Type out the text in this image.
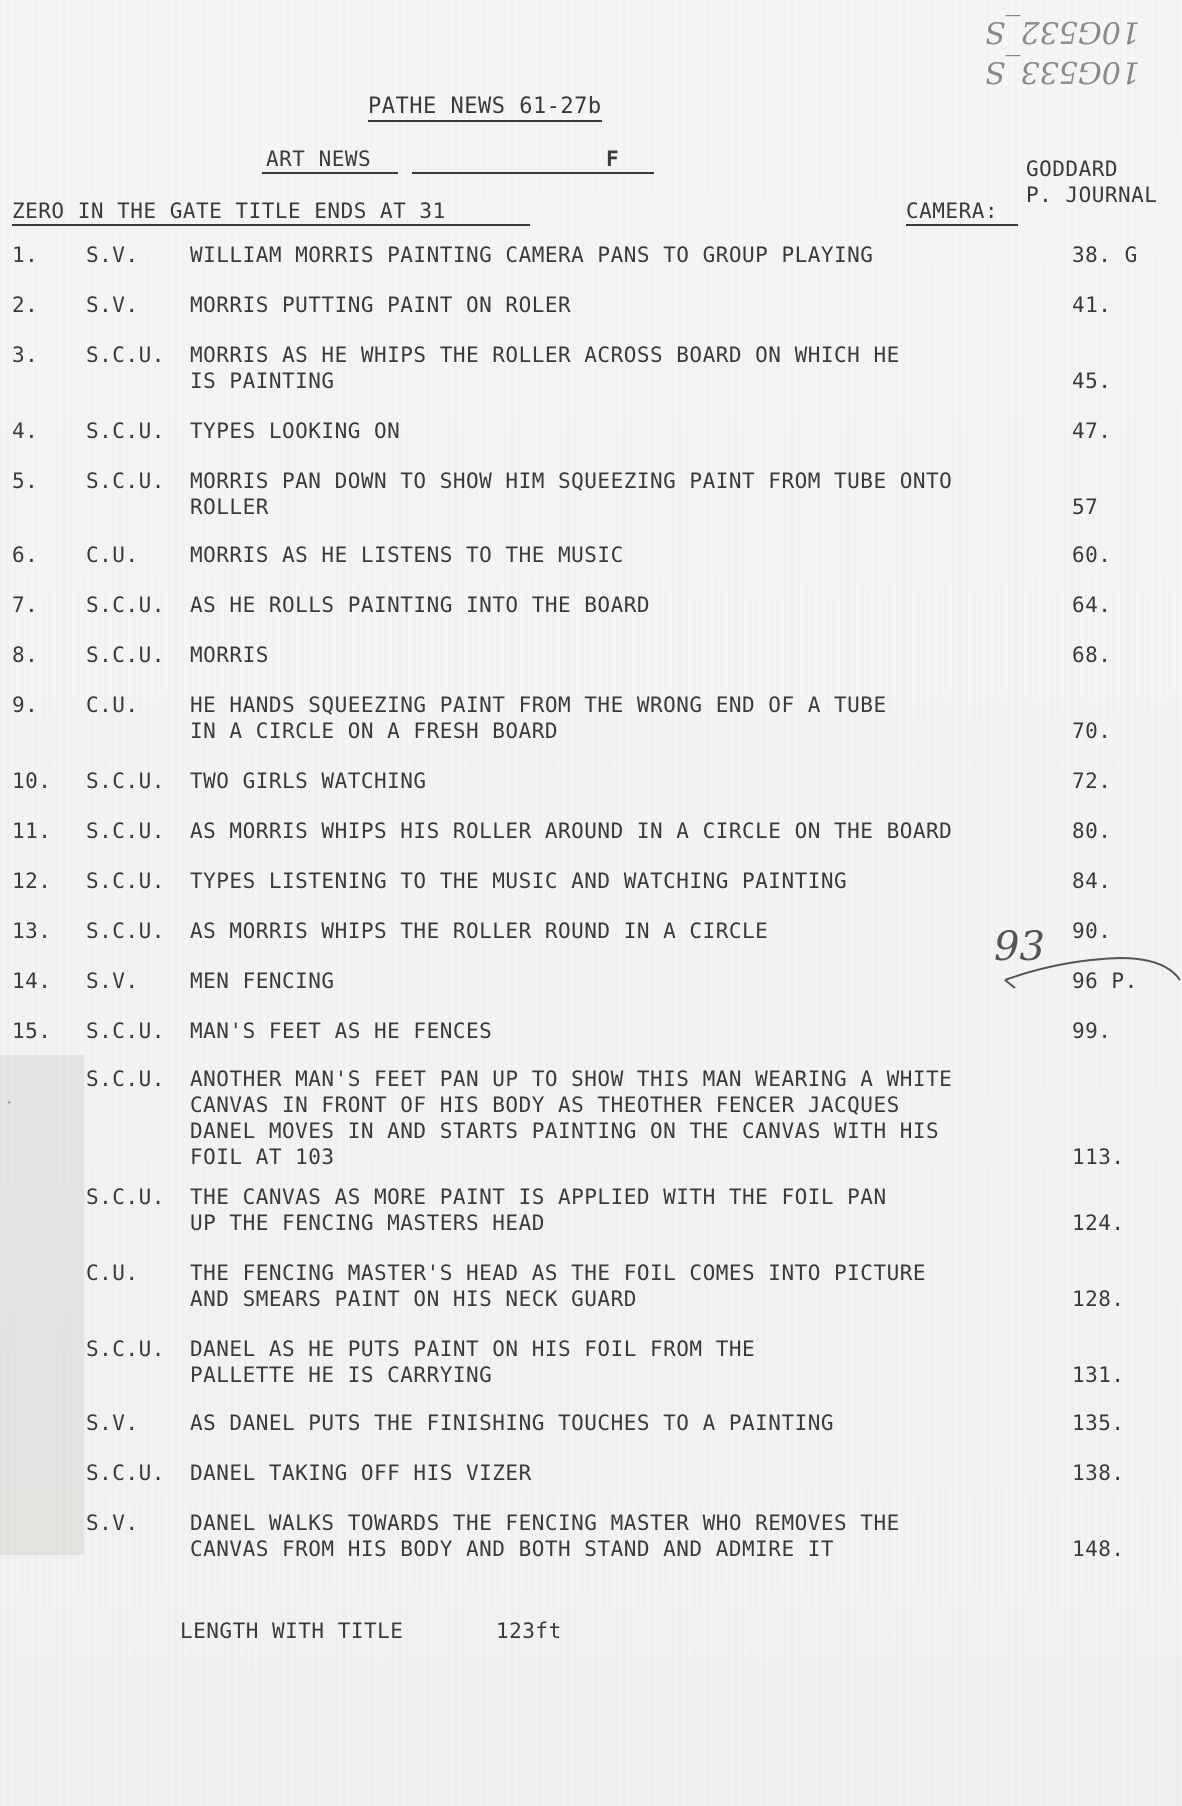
10G532_S
10G533_S
PATHE NEWS 61-27b
ART NEWS	F	GODDARD
P. JOURNAL
ZERO IN THE GATE TITLE ENDS AT 31	CAMERA:
·
1. S.V. WILLIAM MORRIS PAINTING CAMERA PANS TO GROUP PLAYING	38. G
2. S.V. MORRIS PUTTING PAINT ON ROLER	41.
3. S.C.U. MORRIS AS HE WHIPS THE ROLLER ACROSS BOARD ON WHICH HE
IS PAINTING	45.
4. S.C.U. TYPES LOOKING ON	47.
5. S.C.U. MORRIS PAN DOWN TO SHOW HIM SQUEEZING PAINT FROM TUBE ONTO
ROLLER	57
6. C.U. MORRIS AS HE LISTENS TO THE MUSIC	60.
7. S.C.U. AS HE ROLLS PAINTING INTO THE BOARD	64.
8. S.C.U. MORRIS	68.
9. C.U. HE HANDS SQUEEZING PAINT FROM THE WRONG END OF A TUBE
IN A CIRCLE ON A FRESH BOARD	70.
10. S.C.U. TWO GIRLS WATCHING	72.
11. S.C.U. AS MORRIS WHIPS HIS ROLLER AROUND IN A CIRCLE ON THE BOARD	80.
12. S.C.U. TYPES LISTENING TO THE MUSIC AND WATCHING PAINTING	84.
13. S.C.U. AS MORRIS WHIPS THE ROLLER ROUND IN A CIRCLE	90.
14. S.V. MEN FENCING	96 P.
15. S.C.U. MAN'S FEET AS HE FENCES	99.
S.C.U. ANOTHER MAN'S FEET PAN UP TO SHOW THIS MAN WEARING A WHITE
CANVAS IN FRONT OF HIS BODY AS THEOTHER FENCER JACQUES
DANEL MOVES IN AND STARTS PAINTING ON THE CANVAS WITH HIS
FOIL AT 103	113.
S.C.U. THE CANVAS AS MORE PAINT IS APPLIED WITH THE FOIL PAN
UP THE FENCING MASTERS HEAD	124.
C.U. THE FENCING MASTER'S HEAD AS THE FOIL COMES INTO PICTURE
AND SMEARS PAINT ON HIS NECK GUARD	128.
S.C.U. DANEL AS HE PUTS PAINT ON HIS FOIL FROM THE
PALLETTE HE IS CARRYING	131.
S.V. AS DANEL PUTS THE FINISHING TOUCHES TO A PAINTING	135.
S.C.U. DANEL TAKING OFF HIS VIZER	138.
S.V. DANEL WALKS TOWARDS THE FENCING MASTER WHO REMOVES THE
CANVAS FROM HIS BODY AND BOTH STAND AND ADMIRE IT	148.
93
LENGTH WITH TITLE	123ft
